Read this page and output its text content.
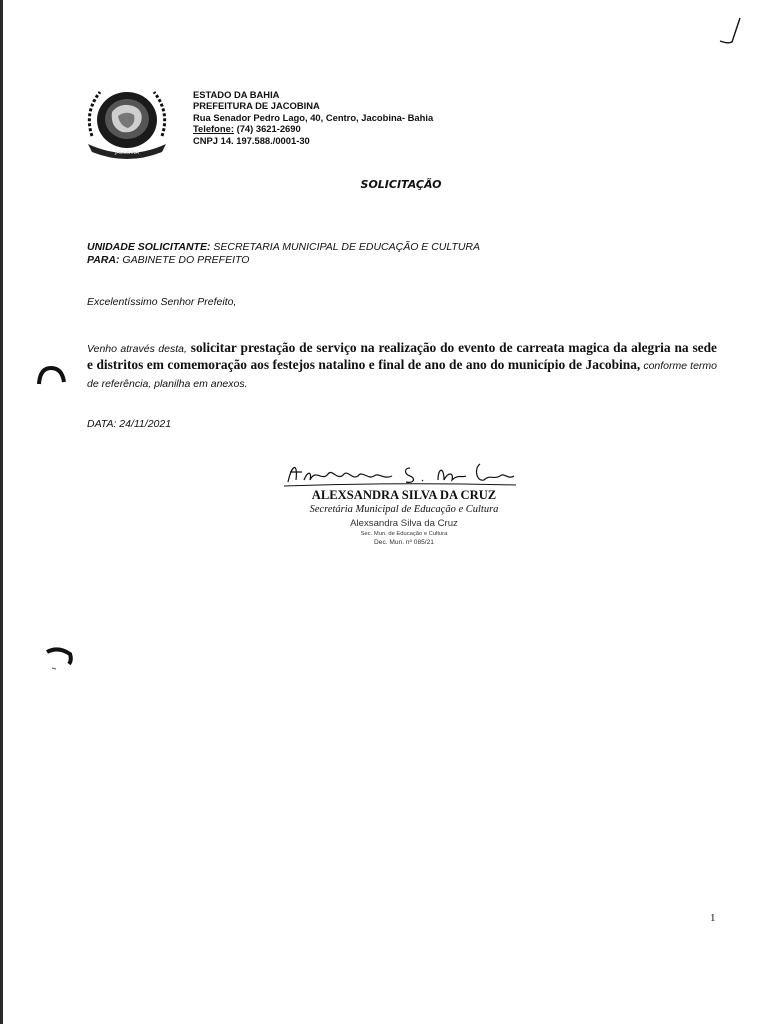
JACOBINA
ESTADO DA BAHIA
PREFEITURA DE JACOBINA
Rua Senador Pedro Lago, 40, Centro, Jacobina- Bahia
Telefone: (74) 3621-2690
CNPJ 14. 197.588./0001-30
SOLICITAÇÃO
UNIDADE SOLICITANTE: SECRETARIA MUNICIPAL DE EDUCAÇÃO E CULTURA
PARA: GABINETE DO PREFEITO
Excelentíssimo Senhor Prefeito,
Venho através desta, solicitar prestação de serviço na realização do evento de carreata magica da alegria na sede e distritos em comemoração aos festejos natalino e final de ano de ano do município de Jacobina, conforme termo de referência, planilha em anexos.
DATA: 24/11/2021
ALEXSANDRA SILVA DA CRUZ
Secretária Municipal de Educação e Cultura
Alexsandra Silva da Cruz
Sec. Mun. de Educação e Cultura
Dec. Mun. nº 085/21
1
